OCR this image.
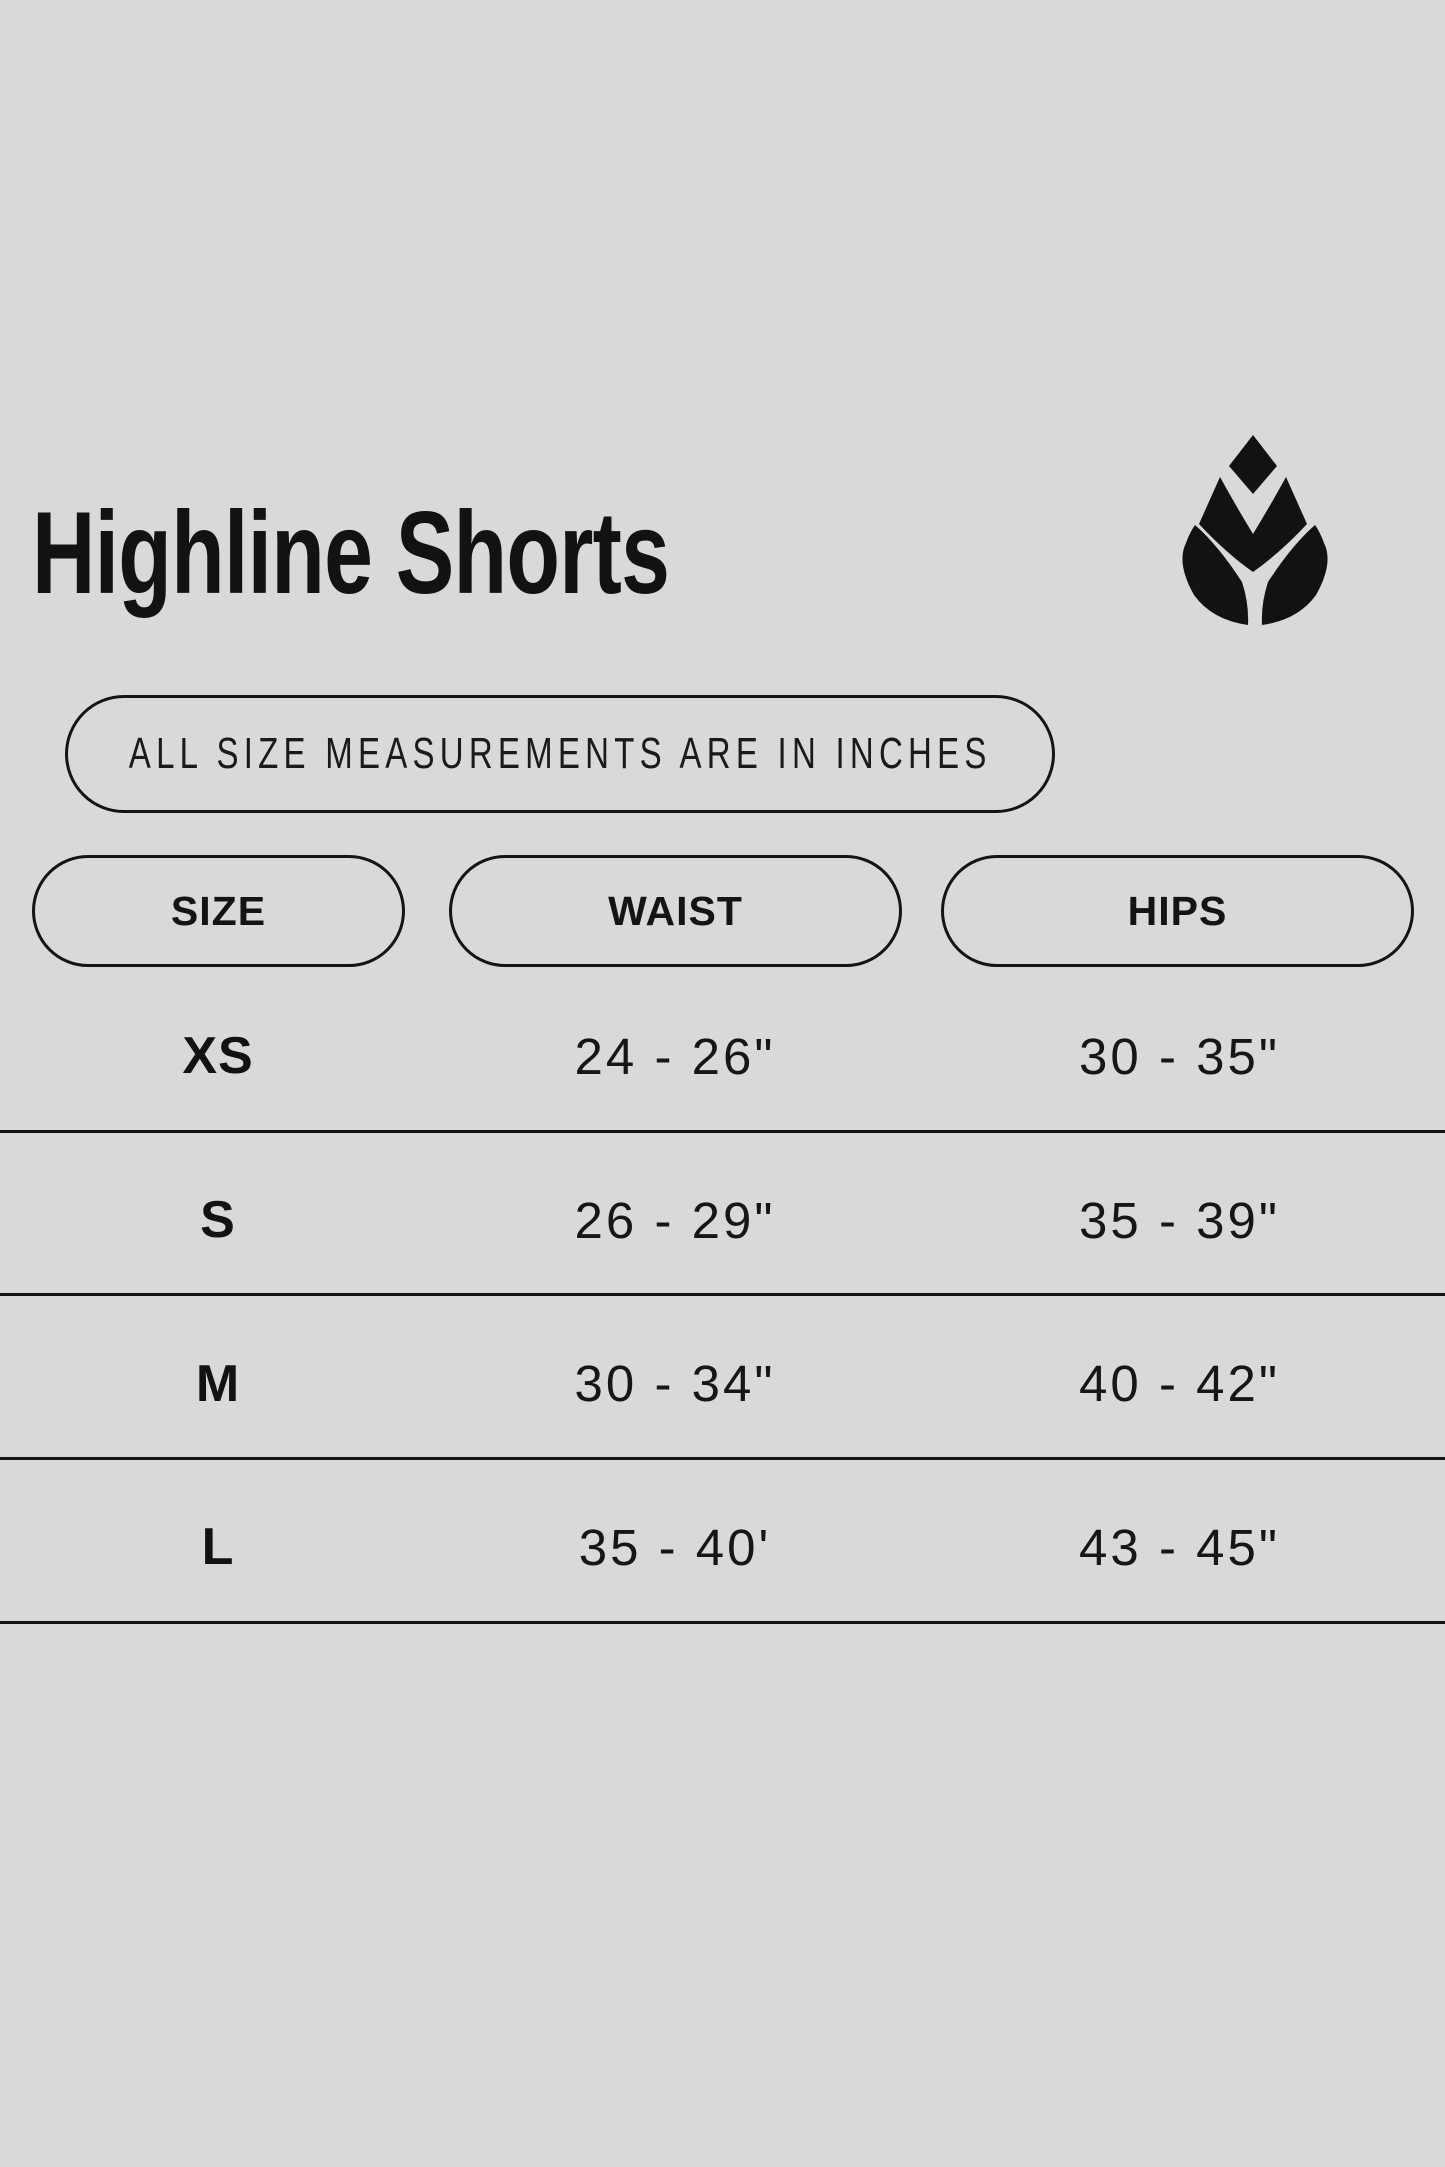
Highline Shorts
ALL SIZE MEASUREMENTS ARE IN INCHES
SIZE	WAIST	HIPS
XS	24 - 26"	30 - 35"
S	26 - 29"	35 - 39"
M	30 - 34"	40 - 42"
L	35 - 40'	43 - 45"
